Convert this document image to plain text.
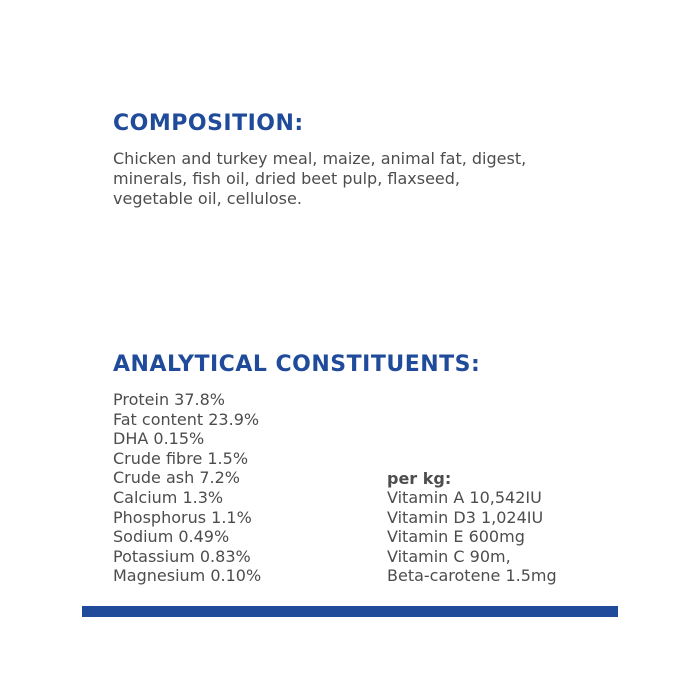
COMPOSITION:
Chicken and turkey meal, maize, animal fat, digest,
minerals, fish oil, dried beet pulp, flaxseed,
vegetable oil, cellulose.
ANALYTICAL CONSTITUENTS:
Protein 37.8%
Fat content 23.9%
DHA 0.15%
Crude fibre 1.5%
Crude ash 7.2%
Calcium 1.3%
Phosphorus 1.1%
Sodium 0.49%
Potassium 0.83%
Magnesium 0.10%
per kg:
Vitamin A 10,542IU
Vitamin D3 1,024IU
Vitamin E 600mg
Vitamin C 90m,
Beta-carotene 1.5mg
